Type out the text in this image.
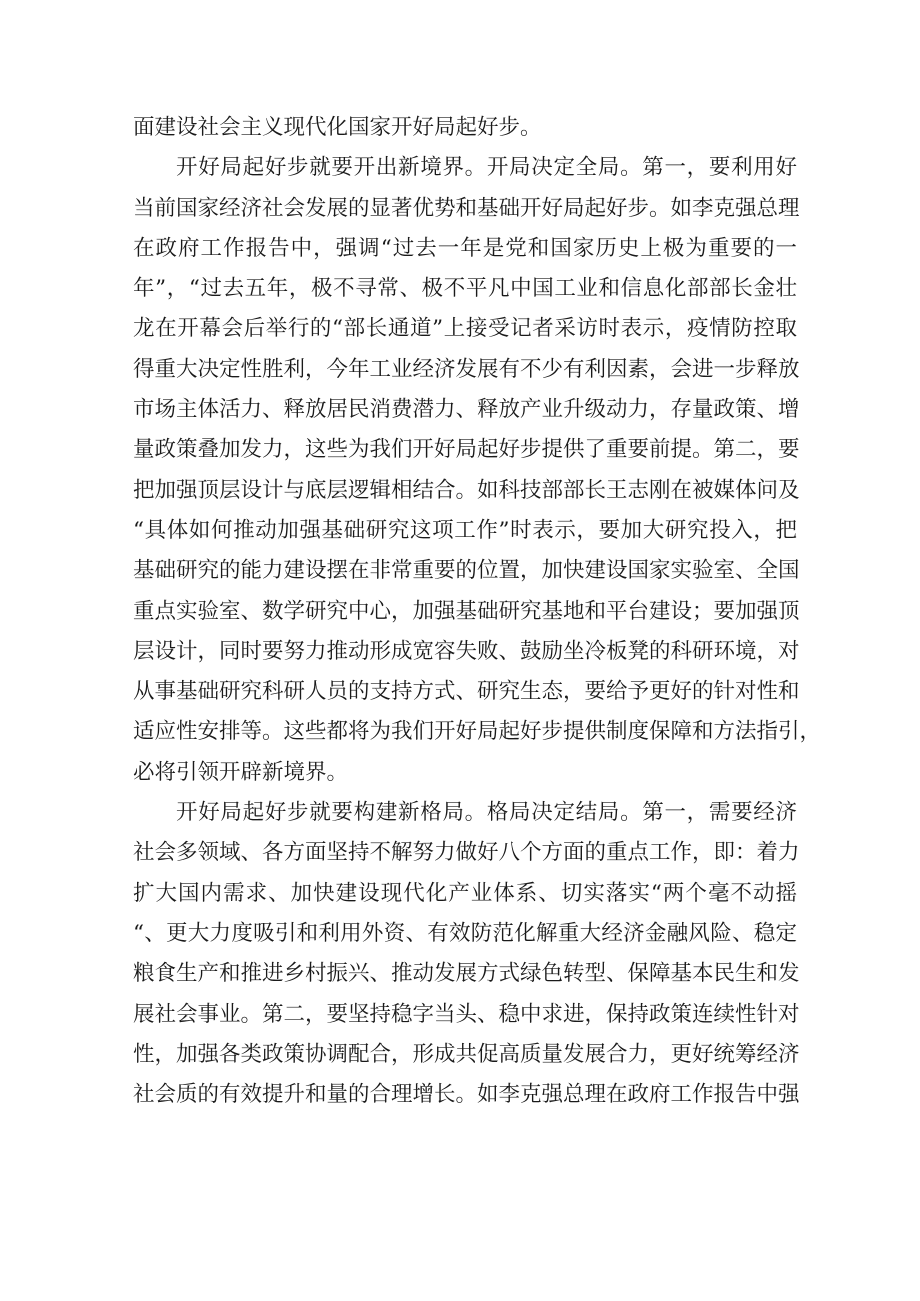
面建设社会主义现代化国家开好局起好步。
开好局起好步就要开出新境界。开局决定全局。第一，要利用好
当前国家经济社会发展的显著优势和基础开好局起好步。如李克强总理
在政府工作报告中，强调“过去一年是党和国家历史上极为重要的一
年”，“过去五年，极不寻常、极不平凡中国工业和信息化部部长金壮
龙在开幕会后举行的“部长通道”上接受记者采访时表示，疫情防控取
得重大决定性胜利，今年工业经济发展有不少有利因素，会进一步释放
市场主体活力、释放居民消费潜力、释放产业升级动力，存量政策、增
量政策叠加发力，这些为我们开好局起好步提供了重要前提。第二，要
把加强顶层设计与底层逻辑相结合。如科技部部长王志刚在被媒体问及
“具体如何推动加强基础研究这项工作”时表示，要加大研究投入，把
基础研究的能力建设摆在非常重要的位置，加快建设国家实验室、全国
重点实验室、数学研究中心，加强基础研究基地和平台建设；要加强顶
层设计，同时要努力推动形成宽容失败、鼓励坐冷板凳的科研环境，对
从事基础研究科研人员的支持方式、研究生态，要给予更好的针对性和
适应性安排等。这些都将为我们开好局起好步提供制度保障和方法指引，
必将引领开辟新境界。
开好局起好步就要构建新格局。格局决定结局。第一，需要经济
社会多领域、各方面坚持不解努力做好八个方面的重点工作，即：着力
扩大国内需求、加快建设现代化产业体系、切实落实“两个毫不动摇
“、更大力度吸引和利用外资、有效防范化解重大经济金融风险、稳定
粮食生产和推进乡村振兴、推动发展方式绿色转型、保障基本民生和发
展社会事业。第二，要坚持稳字当头、稳中求进，保持政策连续性针对
性，加强各类政策协调配合，形成共促高质量发展合力，更好统筹经济
社会质的有效提升和量的合理增长。如李克强总理在政府工作报告中强
